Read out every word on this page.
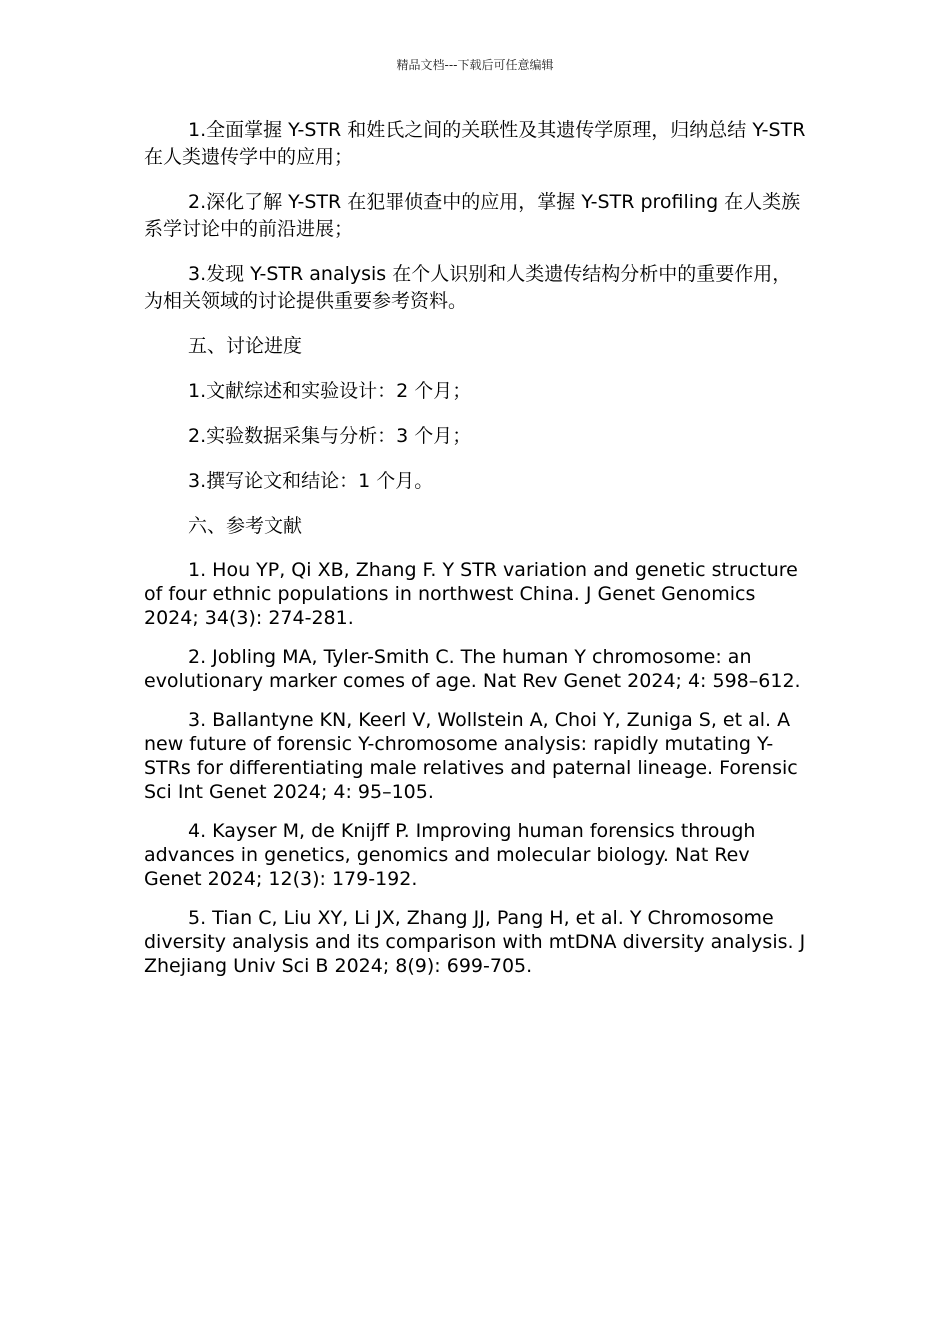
精品文档---下载后可任意编辑

1.全面掌握 Y-STR 和姓氏之间的关联性及其遗传学原理，归纳总结 Y-STR 在人类遗传学中的应用；

2.深化了解 Y-STR 在犯罪侦查中的应用，掌握 Y-STR profiling 在人类族系学讨论中的前沿进展；

3.发现 Y-STR analysis 在个人识别和人类遗传结构分析中的重要作用，为相关领域的讨论提供重要参考资料。

五、讨论进度

1.文献综述和实验设计：2 个月；

2.实验数据采集与分析：3 个月；

3.撰写论文和结论：1 个月。

六、参考文献

1. Hou YP, Qi XB, Zhang F. Y STR variation and genetic structure of four ethnic populations in northwest China. J Genet Genomics 2024; 34(3): 274-281.

2. Jobling MA, Tyler-Smith C. The human Y chromosome: an evolutionary marker comes of age. Nat Rev Genet 2024; 4: 598–612.

3. Ballantyne KN, Keerl V, Wollstein A, Choi Y, Zuniga S, et al. A new future of forensic Y-chromosome analysis: rapidly mutating Y-STRs for differentiating male relatives and paternal lineage. Forensic Sci Int Genet 2024; 4: 95–105.

4. Kayser M, de Knijff P. Improving human forensics through advances in genetics, genomics and molecular biology. Nat Rev Genet 2024; 12(3): 179-192.

5. Tian C, Liu XY, Li JX, Zhang JJ, Pang H, et al. Y Chromosome diversity analysis and its comparison with mtDNA diversity analysis. J Zhejiang Univ Sci B 2024; 8(9): 699-705.
